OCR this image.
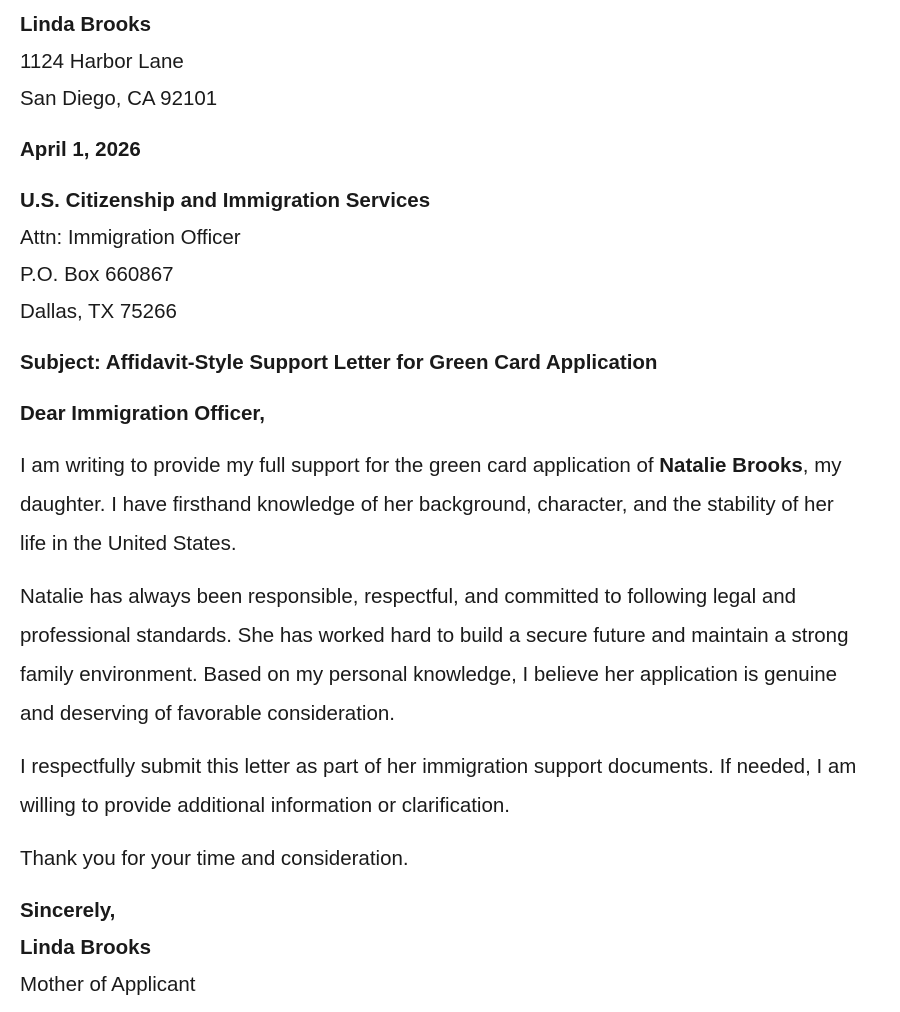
Linda Brooks
1124 Harbor Lane
San Diego, CA 92101
April 1, 2026
U.S. Citizenship and Immigration Services
Attn: Immigration Officer
P.O. Box 660867
Dallas, TX 75266
Subject: Affidavit-Style Support Letter for Green Card Application
Dear Immigration Officer,

I am writing to provide my full support for the green card application of Natalie Brooks, my daughter. I have firsthand knowledge of her background, character, and the stability of her life in the United States.

Natalie has always been responsible, respectful, and committed to following legal and professional standards. She has worked hard to build a secure future and maintain a strong family environment. Based on my personal knowledge, I believe her application is genuine and deserving of favorable consideration.

I respectfully submit this letter as part of her immigration support documents. If needed, I am willing to provide additional information or clarification.

Thank you for your time and consideration.

Sincerely,
Linda Brooks
Mother of Applicant
